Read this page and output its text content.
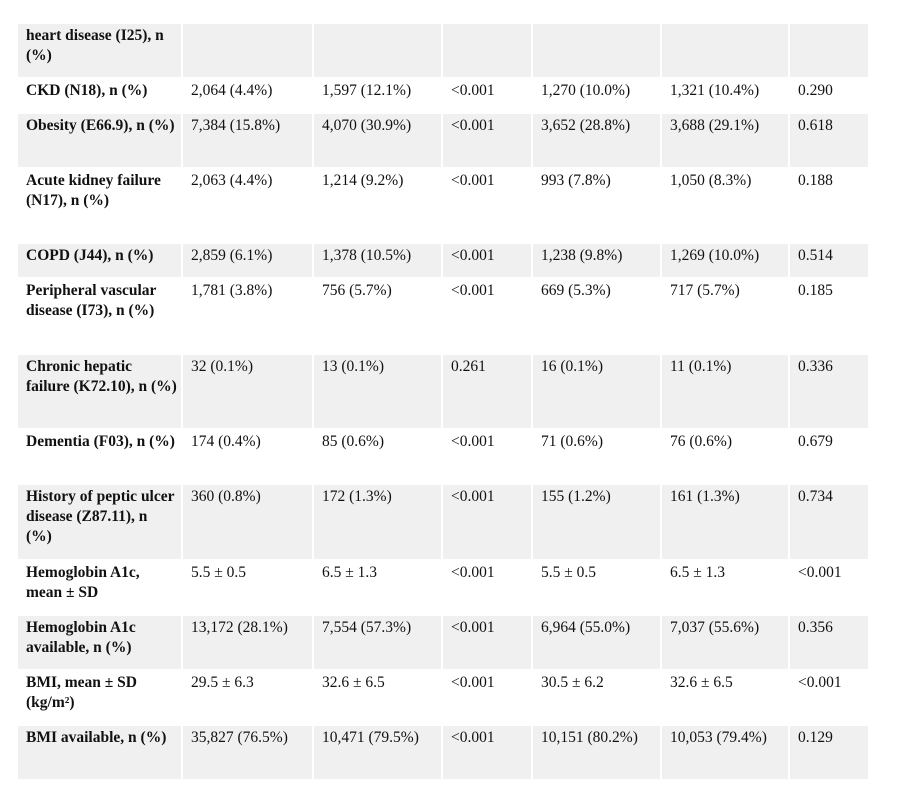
heart disease (I25), n (%)						
CKD (N18), n (%)	2,064 (4.4%)	1,597 (12.1%)	<0.001	1,270 (10.0%)	1,321 (10.4%)	0.290
Obesity (E66.9), n (%)	7,384 (15.8%)	4,070 (30.9%)	<0.001	3,652 (28.8%)	3,688 (29.1%)	0.618
Acute kidney failure (N17), n (%)	2,063 (4.4%)	1,214 (9.2%)	<0.001	993 (7.8%)	1,050 (8.3%)	0.188
COPD (J44), n (%)	2,859 (6.1%)	1,378 (10.5%)	<0.001	1,238 (9.8%)	1,269 (10.0%)	0.514
Peripheral vascular disease (I73), n (%)	1,781 (3.8%)	756 (5.7%)	<0.001	669 (5.3%)	717 (5.7%)	0.185
Chronic hepatic failure (K72.10), n (%)	32 (0.1%)	13 (0.1%)	0.261	16 (0.1%)	11 (0.1%)	0.336
Dementia (F03), n (%)	174 (0.4%)	85 (0.6%)	<0.001	71 (0.6%)	76 (0.6%)	0.679
History of peptic ulcer disease (Z87.11), n (%)	360 (0.8%)	172 (1.3%)	<0.001	155 (1.2%)	161 (1.3%)	0.734
Hemoglobin A1c, mean ± SD	5.5 ± 0.5	6.5 ± 1.3	<0.001	5.5 ± 0.5	6.5 ± 1.3	<0.001
Hemoglobin A1c available, n (%)	13,172 (28.1%)	7,554 (57.3%)	<0.001	6,964 (55.0%)	7,037 (55.6%)	0.356
BMI, mean ± SD (kg/m²)	29.5 ± 6.3	32.6 ± 6.5	<0.001	30.5 ± 6.2	32.6 ± 6.5	<0.001
BMI available, n (%)	35,827 (76.5%)	10,471 (79.5%)	<0.001	10,151 (80.2%)	10,053 (79.4%)	0.129
